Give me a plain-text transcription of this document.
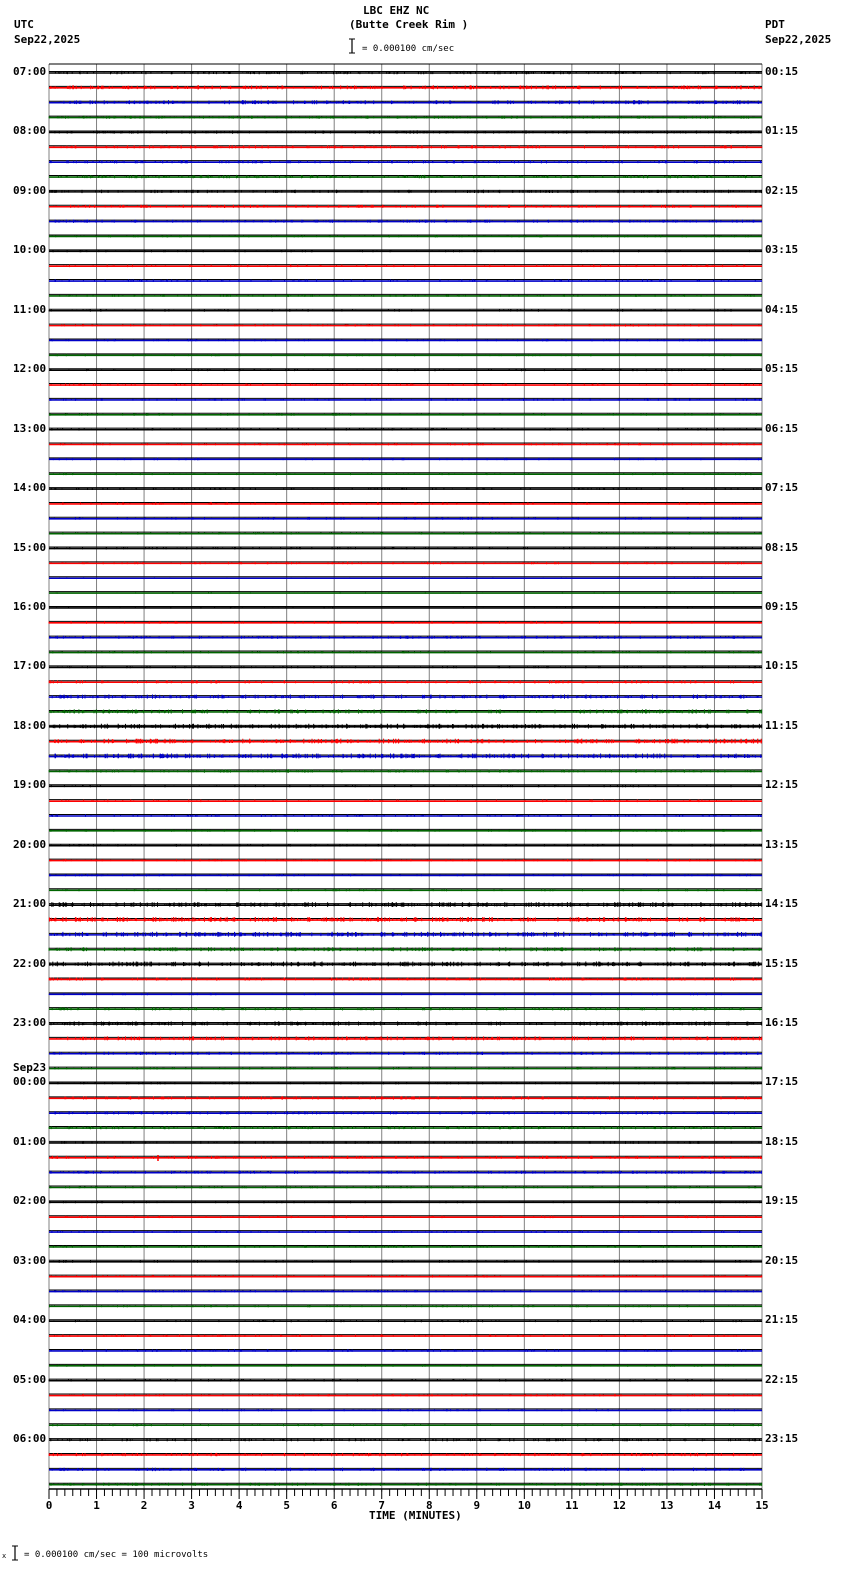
0	1	2	3	4	5	6	7	8	9	10	11	12	13	14	15
LBC EHZ NC
(Butte Creek Rim )
UTC
Sep22,2025
PDT
Sep22,2025
= 0.000100 cm/sec
TIME (MINUTES)
x = 0.000100 cm/sec = 100 microvolts
07:00
08:00
09:00
10:00
11:00
12:00
13:00
14:00
15:00
16:00
17:00
18:00
19:00
20:00
21:00
22:00
23:00
00:00
Sep23
01:00
02:00
03:00
04:00
05:00
06:00
00:15
01:15
02:15
03:15
04:15
05:15
06:15
07:15
08:15
09:15
10:15
11:15
12:15
13:15
14:15
15:15
16:15
17:15
18:15
19:15
20:15
21:15
22:15
23:15
